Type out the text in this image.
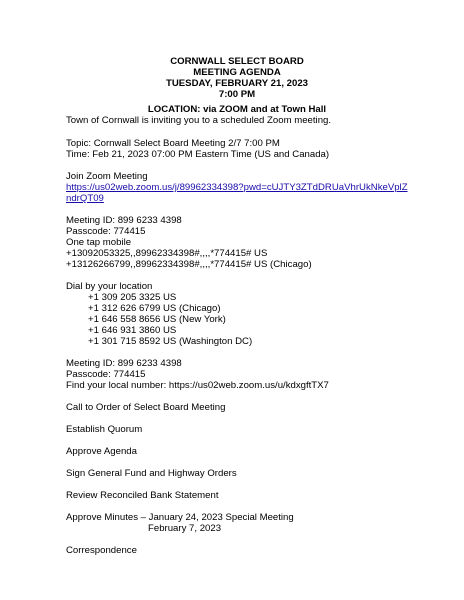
CORNWALL SELECT BOARD
MEETING AGENDA
TUESDAY, FEBRUARY 21, 2023
7:00 PM
LOCATION: via ZOOM and at Town Hall
Town of Cornwall is inviting you to a scheduled Zoom meeting.
Topic: Cornwall Select Board Meeting 2/7 7:00 PM
Time: Feb 21, 2023 07:00 PM Eastern Time (US and Canada)
Join Zoom Meeting
https://us02web.zoom.us/j/89962334398?pwd=cUJTY3ZTdDRUaVhrUkNkeVplZ
ndrQT09
Meeting ID: 899 6233 4398
Passcode: 774415
One tap mobile
+13092053325,,89962334398#,,,,*774415# US
+13126266799,,89962334398#,,,,*774415# US (Chicago)
Dial by your location
+1 309 205 3325 US
+1 312 626 6799 US (Chicago)
+1 646 558 8656 US (New York)
+1 646 931 3860 US
+1 301 715 8592 US (Washington DC)
Meeting ID: 899 6233 4398
Passcode: 774415
Find your local number: https://us02web.zoom.us/u/kdxgftTX7
Call to Order of Select Board Meeting
Establish Quorum
Approve Agenda
Sign General Fund and Highway Orders
Review Reconciled Bank Statement
Approve Minutes – January 24, 2023 Special Meeting
February 7, 2023
Correspondence
